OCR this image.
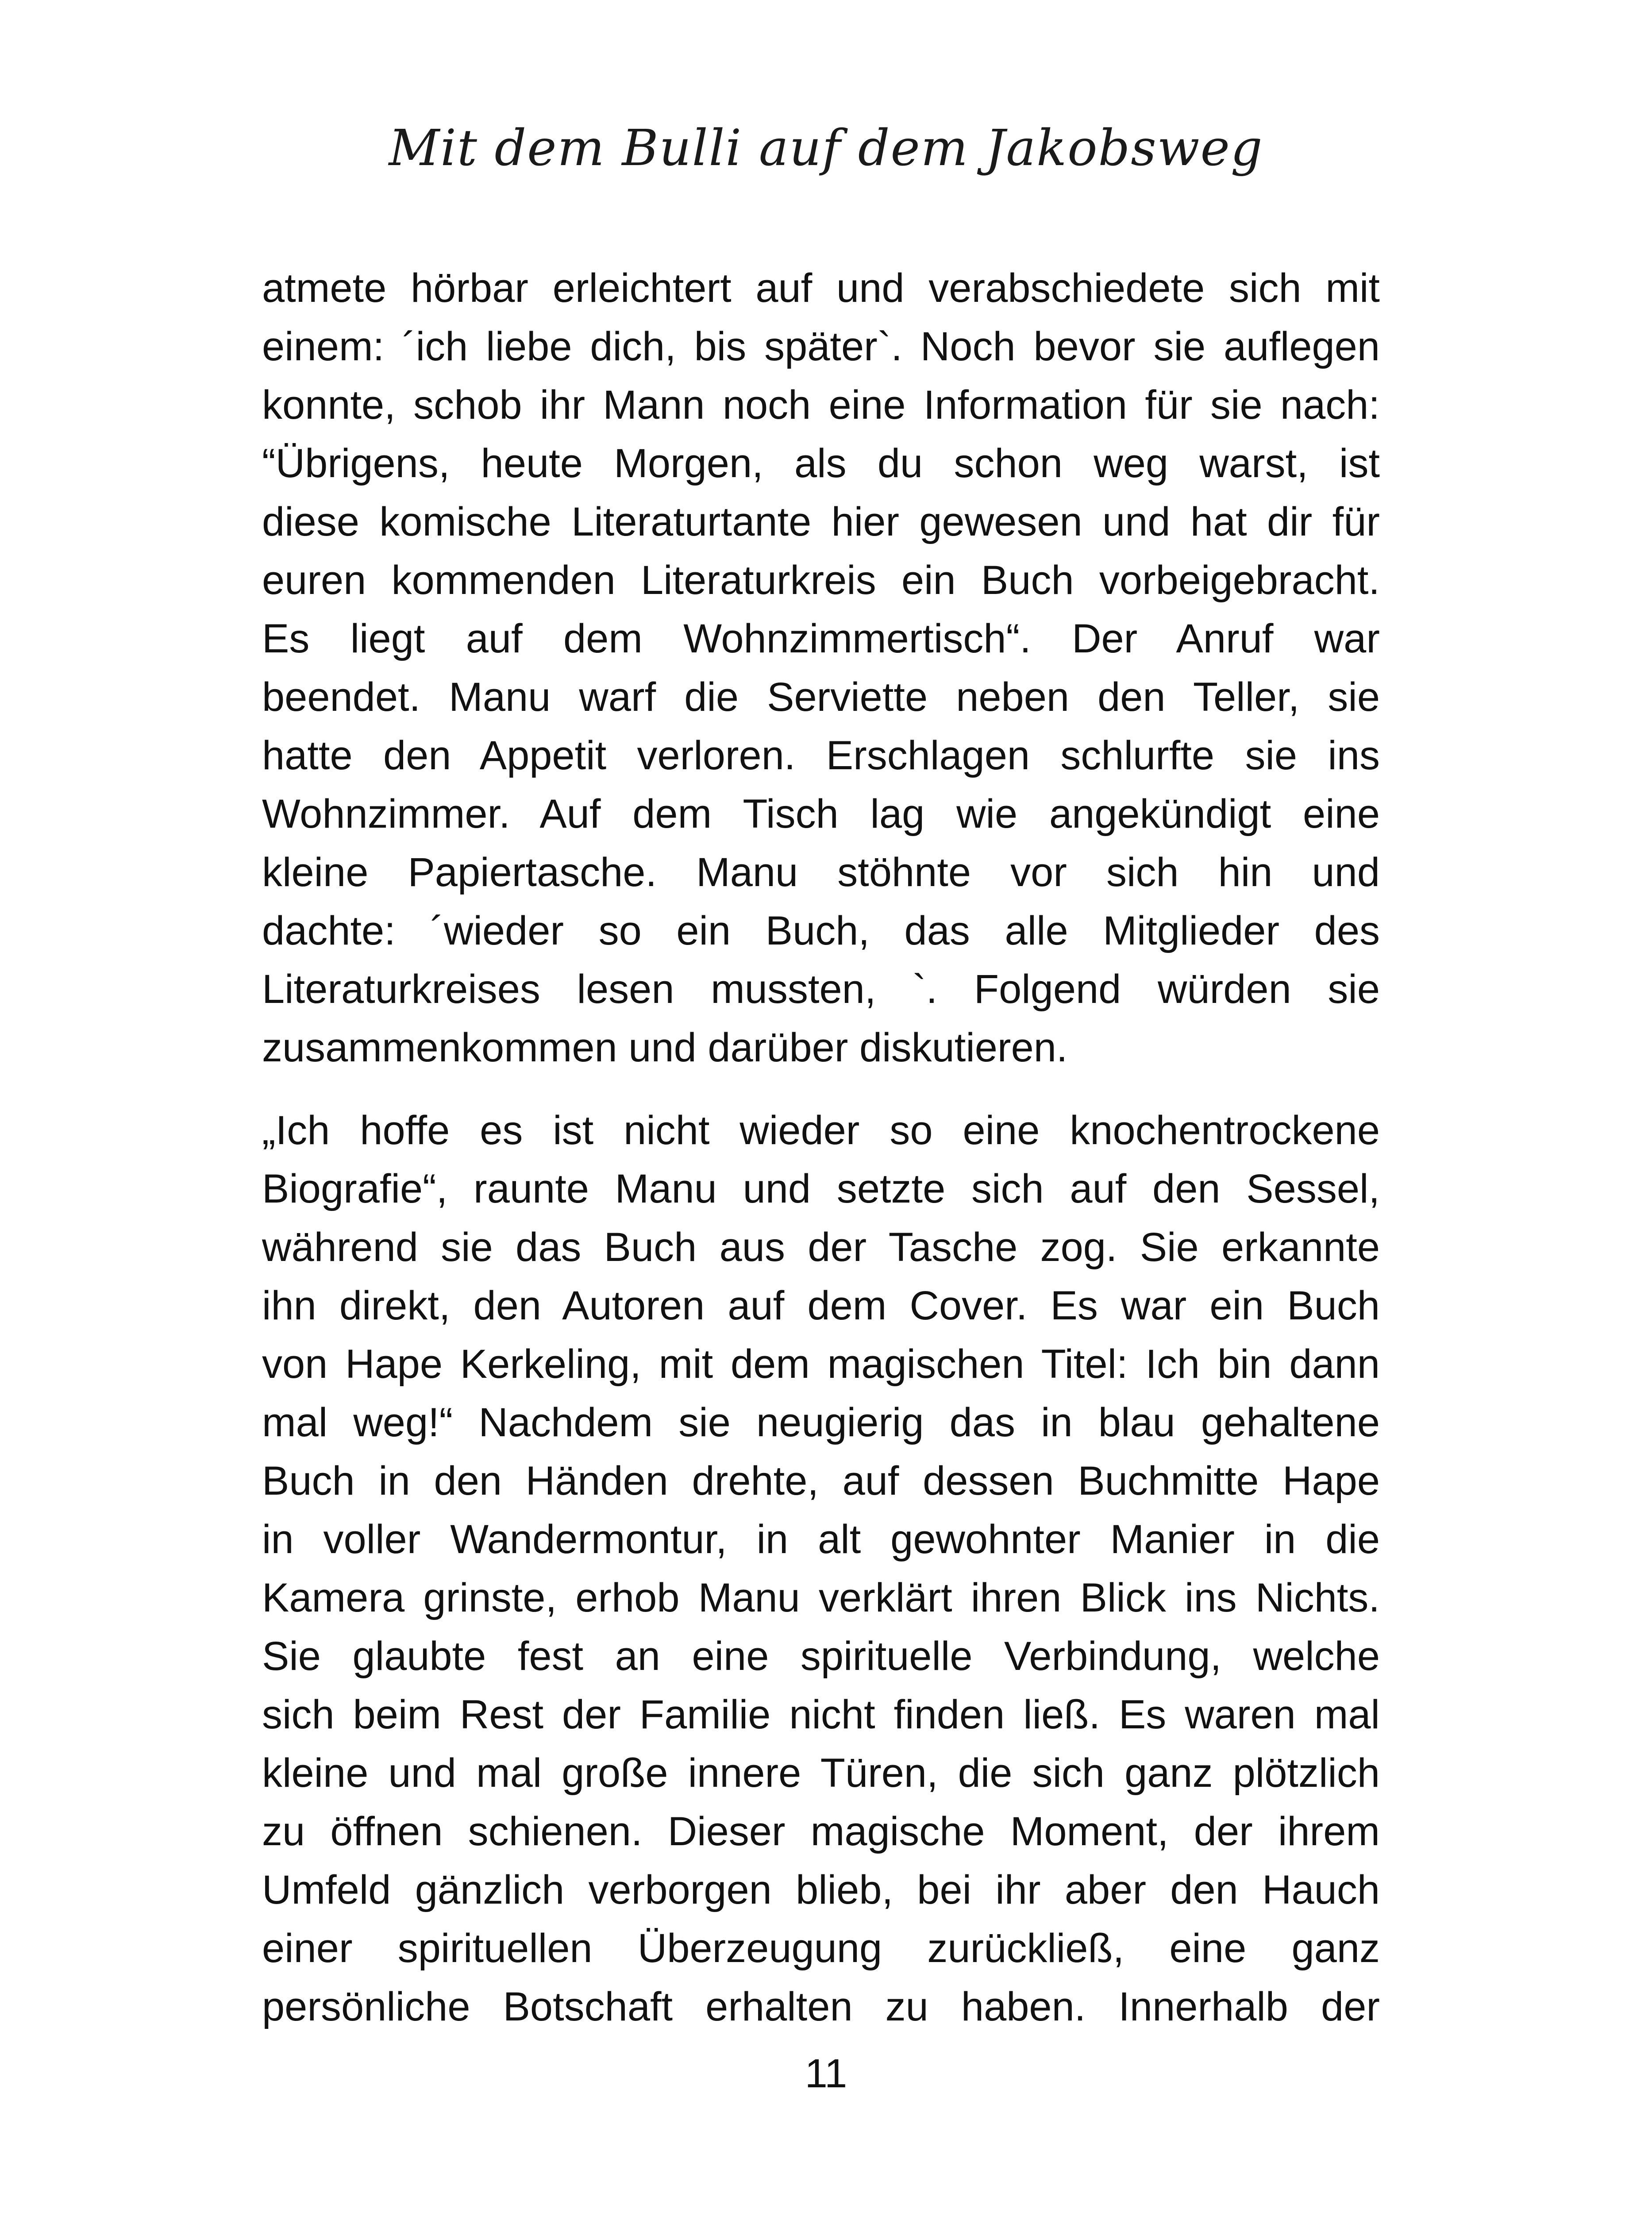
Mit dem Bulli auf dem Jakobsweg

atmete hörbar erleichtert auf und verabschiedete sich mit
einem: ´ich liebe dich, bis später`. Noch bevor sie auflegen
konnte, schob ihr Mann noch eine Information für sie nach:
“Übrigens, heute Morgen, als du schon weg warst, ist
diese komische Literaturtante hier gewesen und hat dir für
euren kommenden Literaturkreis ein Buch vorbeigebracht.
Es liegt auf dem Wohnzimmertisch“. Der Anruf war
beendet. Manu warf die Serviette neben den Teller, sie
hatte den Appetit verloren. Erschlagen schlurfte sie ins
Wohnzimmer. Auf dem Tisch lag wie angekündigt eine
kleine Papiertasche. Manu stöhnte vor sich hin und
dachte: ´wieder so ein Buch, das alle Mitglieder des
Literaturkreises lesen mussten, `. Folgend würden sie
zusammenkommen und darüber diskutieren.

„Ich hoffe es ist nicht wieder so eine knochentrockene
Biografie“, raunte Manu und setzte sich auf den Sessel,
während sie das Buch aus der Tasche zog. Sie erkannte
ihn direkt, den Autoren auf dem Cover. Es war ein Buch
von Hape Kerkeling, mit dem magischen Titel: Ich bin dann
mal weg!“ Nachdem sie neugierig das in blau gehaltene
Buch in den Händen drehte, auf dessen Buchmitte Hape
in voller Wandermontur, in alt gewohnter Manier in die
Kamera grinste, erhob Manu verklärt ihren Blick ins Nichts.
Sie glaubte fest an eine spirituelle Verbindung, welche
sich beim Rest der Familie nicht finden ließ. Es waren mal
kleine und mal große innere Türen, die sich ganz plötzlich
zu öffnen schienen. Dieser magische Moment, der ihrem
Umfeld gänzlich verborgen blieb, bei ihr aber den Hauch
einer spirituellen Überzeugung zurückließ, eine ganz
persönliche Botschaft erhalten zu haben. Innerhalb der

11
